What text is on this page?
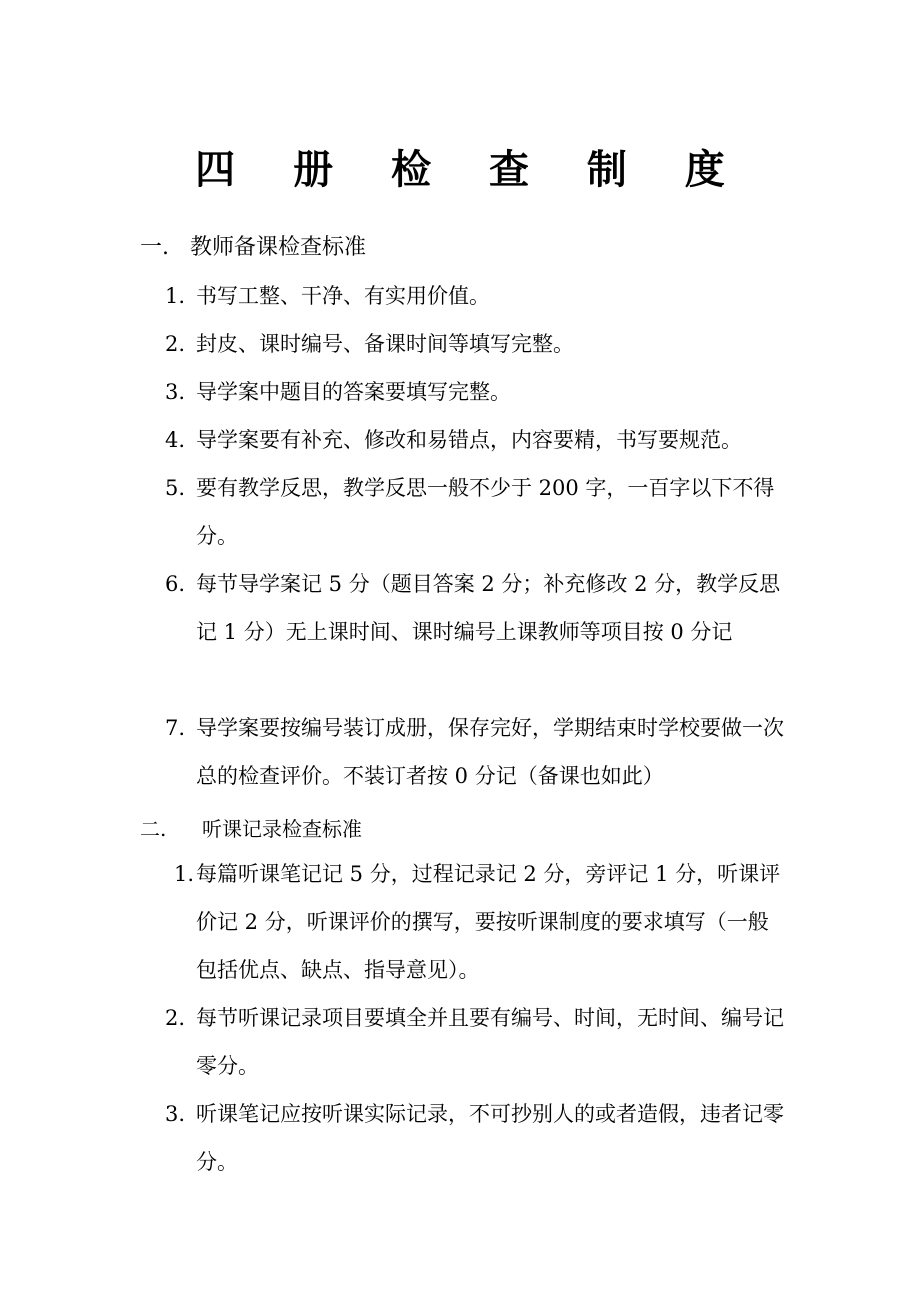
四 册 检 查 制 度
一. 教师备课检查标准
1. 书写工整、干净、有实用价值。
2. 封皮、课时编号、备课时间等填写完整。
3. 导学案中题目的答案要填写完整。
4. 导学案要有补充、修改和易错点，内容要精，书写要规范。
5. 要有教学反思，教学反思一般不少于 200 字，一百字以下不得分。
6. 每节导学案记 5 分（题目答案 2 分；补充修改 2 分，教学反思记 1 分）无上课时间、课时编号上课教师等项目按 0 分记
7. 导学案要按编号装订成册，保存完好，学期结束时学校要做一次总的检查评价。不装订者按 0 分记（备课也如此）
二. 听课记录检查标准
1. 每篇听课笔记记 5 分，过程记录记 2 分，旁评记 1 分，听课评价记 2 分，听课评价的撰写，要按听课制度的要求填写（一般包括优点、缺点、指导意见）。
2. 每节听课记录项目要填全并且要有编号、时间，无时间、编号记零分。
3. 听课笔记应按听课实际记录，不可抄别人的或者造假，违者记零分。
